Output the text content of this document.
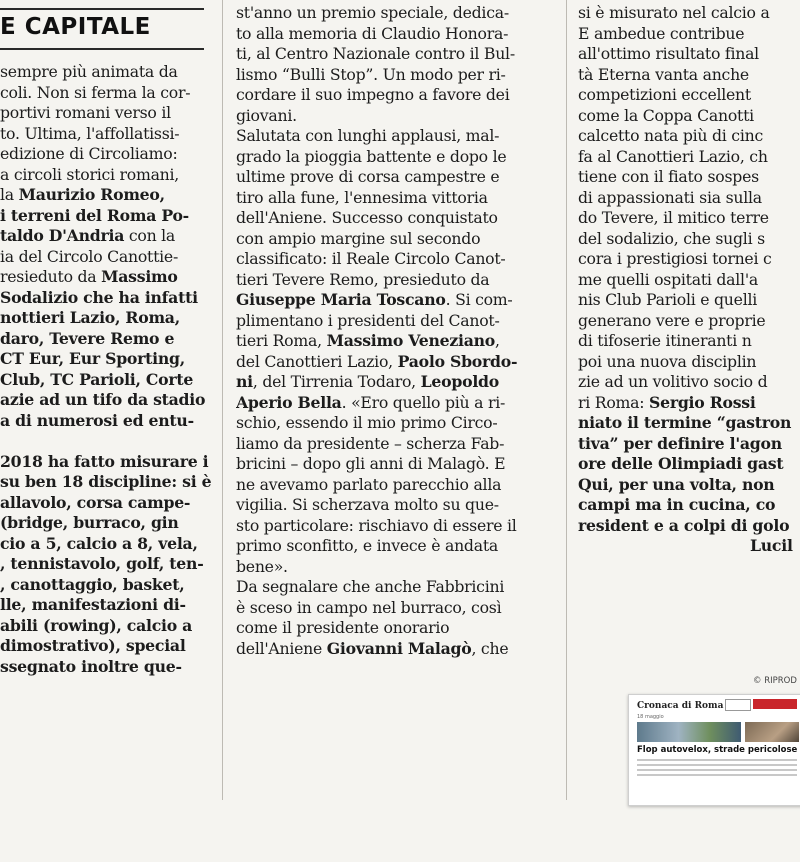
sempre più animata da
coli. Non si ferma la cor-
portivi romani verso il
to. Ultima, l'affollatissi-
edizione di Circoliamo:
a circoli storici romani,
la Maurizio Romeo,
i terreni del Roma Po-
taldo D'Andria con la
ia del Circolo Canottie-
resieduto da Massimo
Sodalizio che ha infatti
nottieri Lazio, Roma,
daro, Tevere Remo e
CT Eur, Eur Sporting,
Club, TC Parioli, Corte
azie ad un tifo da stadio
a di numerosi ed entu-

2018 ha fatto misurare i
su ben 18 discipline: si è
allavolo, corsa campe-
(bridge, burraco, gin
cio a 5, calcio a 8, vela,
, tennistavolo, golf, ten-
, canottaggio, basket,
lle, manifestazioni di-
abili (rowing), calcio a
dimostrativo), special
ssegnato inoltre que-
E CAPITALE
st'anno un premio speciale, dedica-
to alla memoria di Claudio Honora-
ti, al Centro Nazionale contro il Bul-
lismo “Bulli Stop”. Un modo per ri-
cordare il suo impegno a favore dei
giovani.
Salutata con lunghi applausi, mal-
grado la pioggia battente e dopo le
ultime prove di corsa campestre e
tiro alla fune, l'ennesima vittoria
dell'Aniene. Successo conquistato
con ampio margine sul secondo
classificato: il Reale Circolo Canot-
tieri Tevere Remo, presieduto da
Giuseppe Maria Toscano. Si com-
plimentano i presidenti del Canot-
tieri Roma, Massimo Veneziano,
del Canottieri Lazio, Paolo Sbordo-
ni, del Tirrenia Todaro, Leopoldo
Aperio Bella. «Ero quello più a ri-
schio, essendo il mio primo Circo-
liamo da presidente – scherza Fab-
bricini – dopo gli anni di Malagò. E
ne avevamo parlato parecchio alla
vigilia. Si scherzava molto su que-
sto particolare: rischiavo di essere il
primo sconfitto, e invece è andata
bene».
Da segnalare che anche Fabbricini
è sceso in campo nel burraco, così
come il presidente onorario
dell'Aniene Giovanni Malagò, che
si è misurato nel calcio a
E ambedue contribue
all'ottimo risultato final
tà Eterna vanta anche
competizioni eccellent
come la Coppa Canotti
calcetto nata più di cinc
fa al Canottieri Lazio, ch
tiene con il fiato sospes
di appassionati sia sulla
do Tevere, il mitico terre
del sodalizio, che sugli s
cora i prestigiosi tornei c
me quelli ospitati dall'a
nis Club Parioli e quelli
generano vere e proprie
di tifoserie itineranti n
poi una nuova disciplin
zie ad un volitivo socio d
ri Roma: Sergio Rossi
niato il termine “gastron
tiva” per definire l'agon
ore delle Olimpiadi gast
Qui, per una volta, non
campi ma in cucina, co
resident e a colpi di golo
Lucil
© RIPROD
Cronaca di Roma
18 maggio
Flop autovelox, strade pericolose
